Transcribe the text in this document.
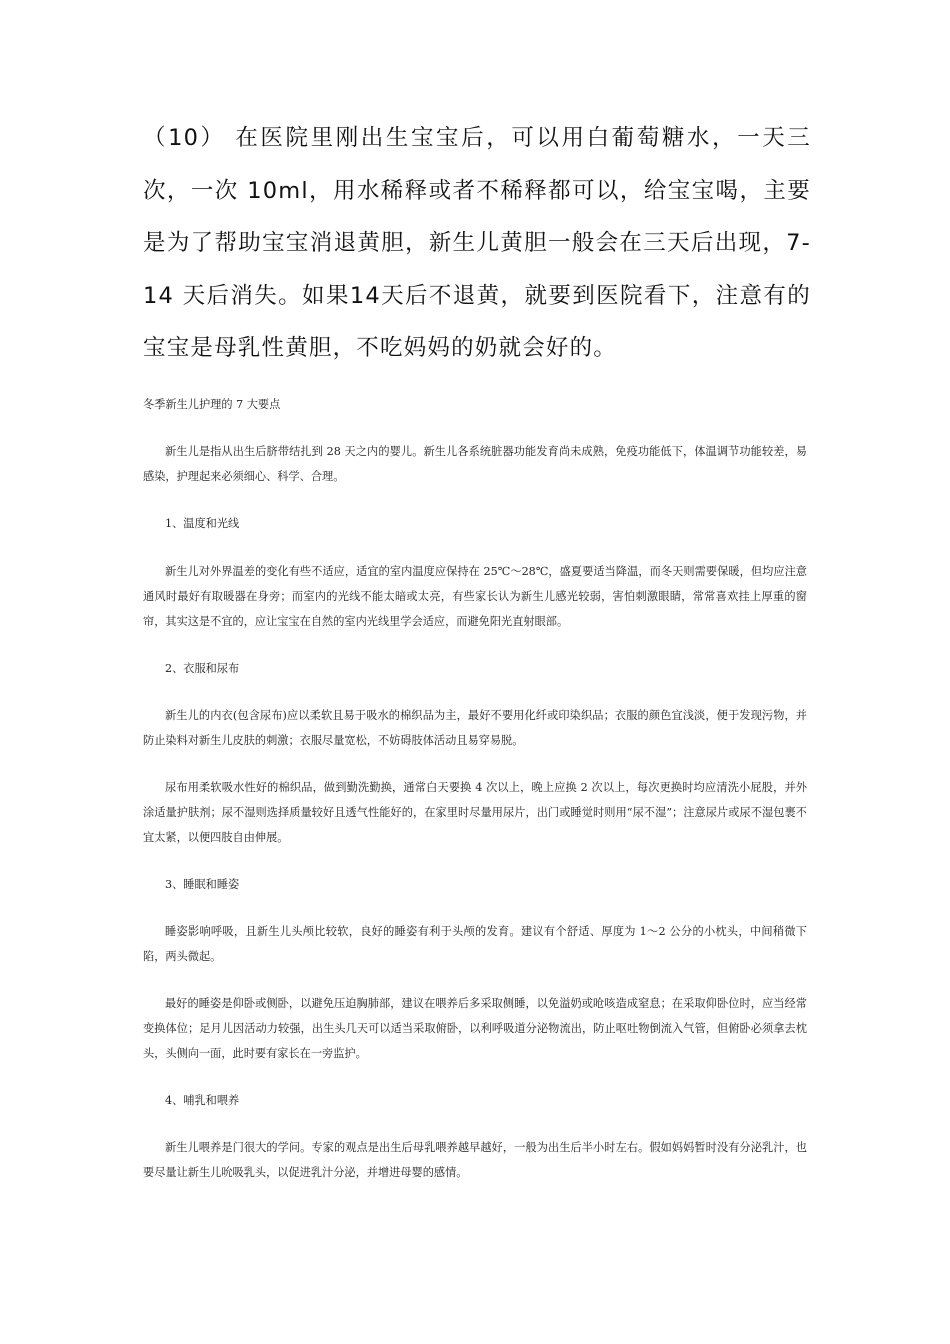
（10） 在医院里刚出生宝宝后，可以用白葡萄糖水，一天三次，一次 10ml，用水稀释或者不稀释都可以，给宝宝喝，主要是为了帮助宝宝消退黄胆，新生儿黄胆一般会在三天后出现，7-14 天后消失。如果14天后不退黄，就要到医院看下，注意有的宝宝是母乳性黄胆，不吃妈妈的奶就会好的。

冬季新生儿护理的 7 大要点

新生儿是指从出生后脐带结扎到 28 天之内的婴儿。新生儿各系统脏器功能发育尚未成熟，免疫功能低下，体温调节功能较差，易感染，护理起来必须细心、科学、合理。

1、温度和光线

新生儿对外界温差的变化有些不适应，适宜的室内温度应保持在 25℃～28℃，盛夏要适当降温，而冬天则需要保暖，但均应注意通风时最好有取暖器在身旁；而室内的光线不能太暗或太亮，有些家长认为新生儿感光较弱，害怕刺激眼睛，常常喜欢挂上厚重的窗帘，其实这是不宜的，应让宝宝在自然的室内光线里学会适应，而避免阳光直射眼部。

2、衣服和尿布

新生儿的内衣(包含尿布)应以柔软且易于吸水的棉织品为主，最好不要用化纤或印染织品；衣服的颜色宜浅淡，便于发现污物，并防止染料对新生儿皮肤的刺激；衣服尽量宽松，不妨碍肢体活动且易穿易脱。

尿布用柔软吸水性好的棉织品，做到勤洗勤换，通常白天要换 4 次以上，晚上应换 2 次以上，每次更换时均应清洗小屁股，并外涂适量护肤剂；尿不湿则选择质量较好且透气性能好的，在家里时尽量用尿片，出门或睡觉时则用“尿不湿”；注意尿片或尿不湿包裹不宜太紧，以便四肢自由伸展。

3、睡眠和睡姿

睡姿影响呼吸，且新生儿头颅比较软，良好的睡姿有利于头颅的发育。建议有个舒适、厚度为 1～2 公分的小枕头，中间稍微下陷，两头微起。

最好的睡姿是仰卧或侧卧，以避免压迫胸肺部，建议在喂养后多采取侧睡，以免溢奶或呛咳造成窒息；在采取仰卧位时，应当经常变换体位；足月儿因活动力较强，出生头几天可以适当采取俯卧，以利呼吸道分泌物流出，防止呕吐物倒流入气管，但俯卧必须拿去枕头，头侧向一面，此时要有家长在一旁监护。

4、哺乳和喂养

新生儿喂养是门很大的学问。专家的观点是出生后母乳喂养越早越好，一般为出生后半小时左右。假如妈妈暂时没有分泌乳汁，也要尽量让新生儿吮吸乳头，以促进乳汁分泌，并增进母婴的感情。
